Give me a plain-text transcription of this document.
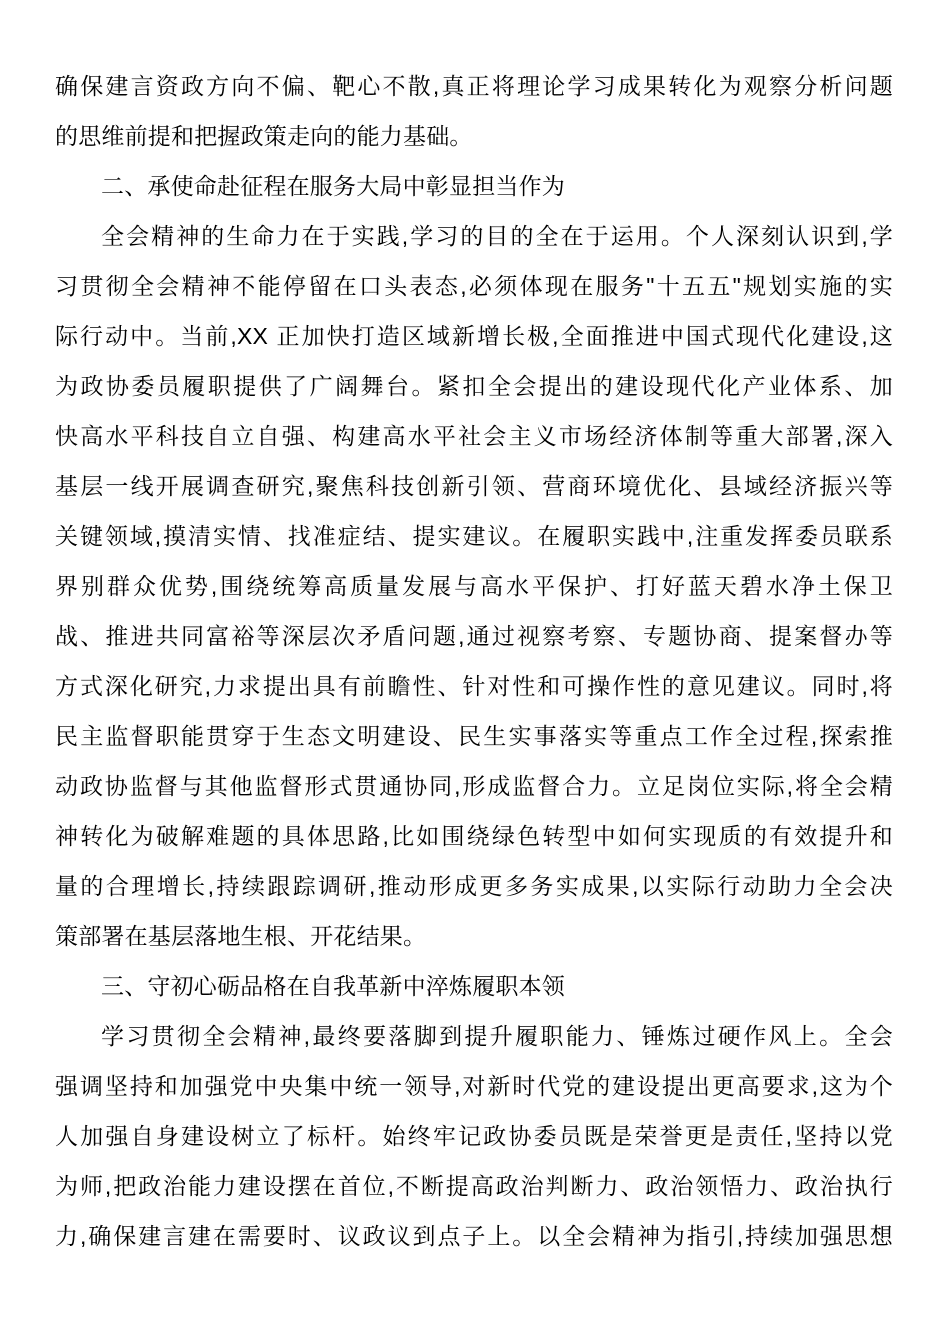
确保建言资政方向不偏、靶心不散,真正将理论学习成果转化为观察分析问题
的思维前提和把握政策走向的能力基础。
二、承使命赴征程在服务大局中彰显担当作为
全会精神的生命力在于实践,学习的目的全在于运用。个人深刻认识到,学
习贯彻全会精神不能停留在口头表态,必须体现在服务"十五五"规划实施的实
际行动中。当前,XX 正加快打造区域新增长极,全面推进中国式现代化建设,这
为政协委员履职提供了广阔舞台。紧扣全会提出的建设现代化产业体系、加
快高水平科技自立自强、构建高水平社会主义市场经济体制等重大部署,深入
基层一线开展调查研究,聚焦科技创新引领、营商环境优化、县域经济振兴等
关键领域,摸清实情、找准症结、提实建议。在履职实践中,注重发挥委员联系
界别群众优势,围绕统筹高质量发展与高水平保护、打好蓝天碧水净土保卫
战、推进共同富裕等深层次矛盾问题,通过视察考察、专题协商、提案督办等
方式深化研究,力求提出具有前瞻性、针对性和可操作性的意见建议。同时,将
民主监督职能贯穿于生态文明建设、民生实事落实等重点工作全过程,探索推
动政协监督与其他监督形式贯通协同,形成监督合力。立足岗位实际,将全会精
神转化为破解难题的具体思路,比如围绕绿色转型中如何实现质的有效提升和
量的合理增长,持续跟踪调研,推动形成更多务实成果,以实际行动助力全会决
策部署在基层落地生根、开花结果。
三、守初心砺品格在自我革新中淬炼履职本领
学习贯彻全会精神,最终要落脚到提升履职能力、锤炼过硬作风上。全会
强调坚持和加强党中央集中统一领导,对新时代党的建设提出更高要求,这为个
人加强自身建设树立了标杆。始终牢记政协委员既是荣誉更是责任,坚持以党
为师,把政治能力建设摆在首位,不断提高政治判断力、政治领悟力、政治执行
力,确保建言建在需要时、议政议到点子上。以全会精神为指引,持续加强思想
